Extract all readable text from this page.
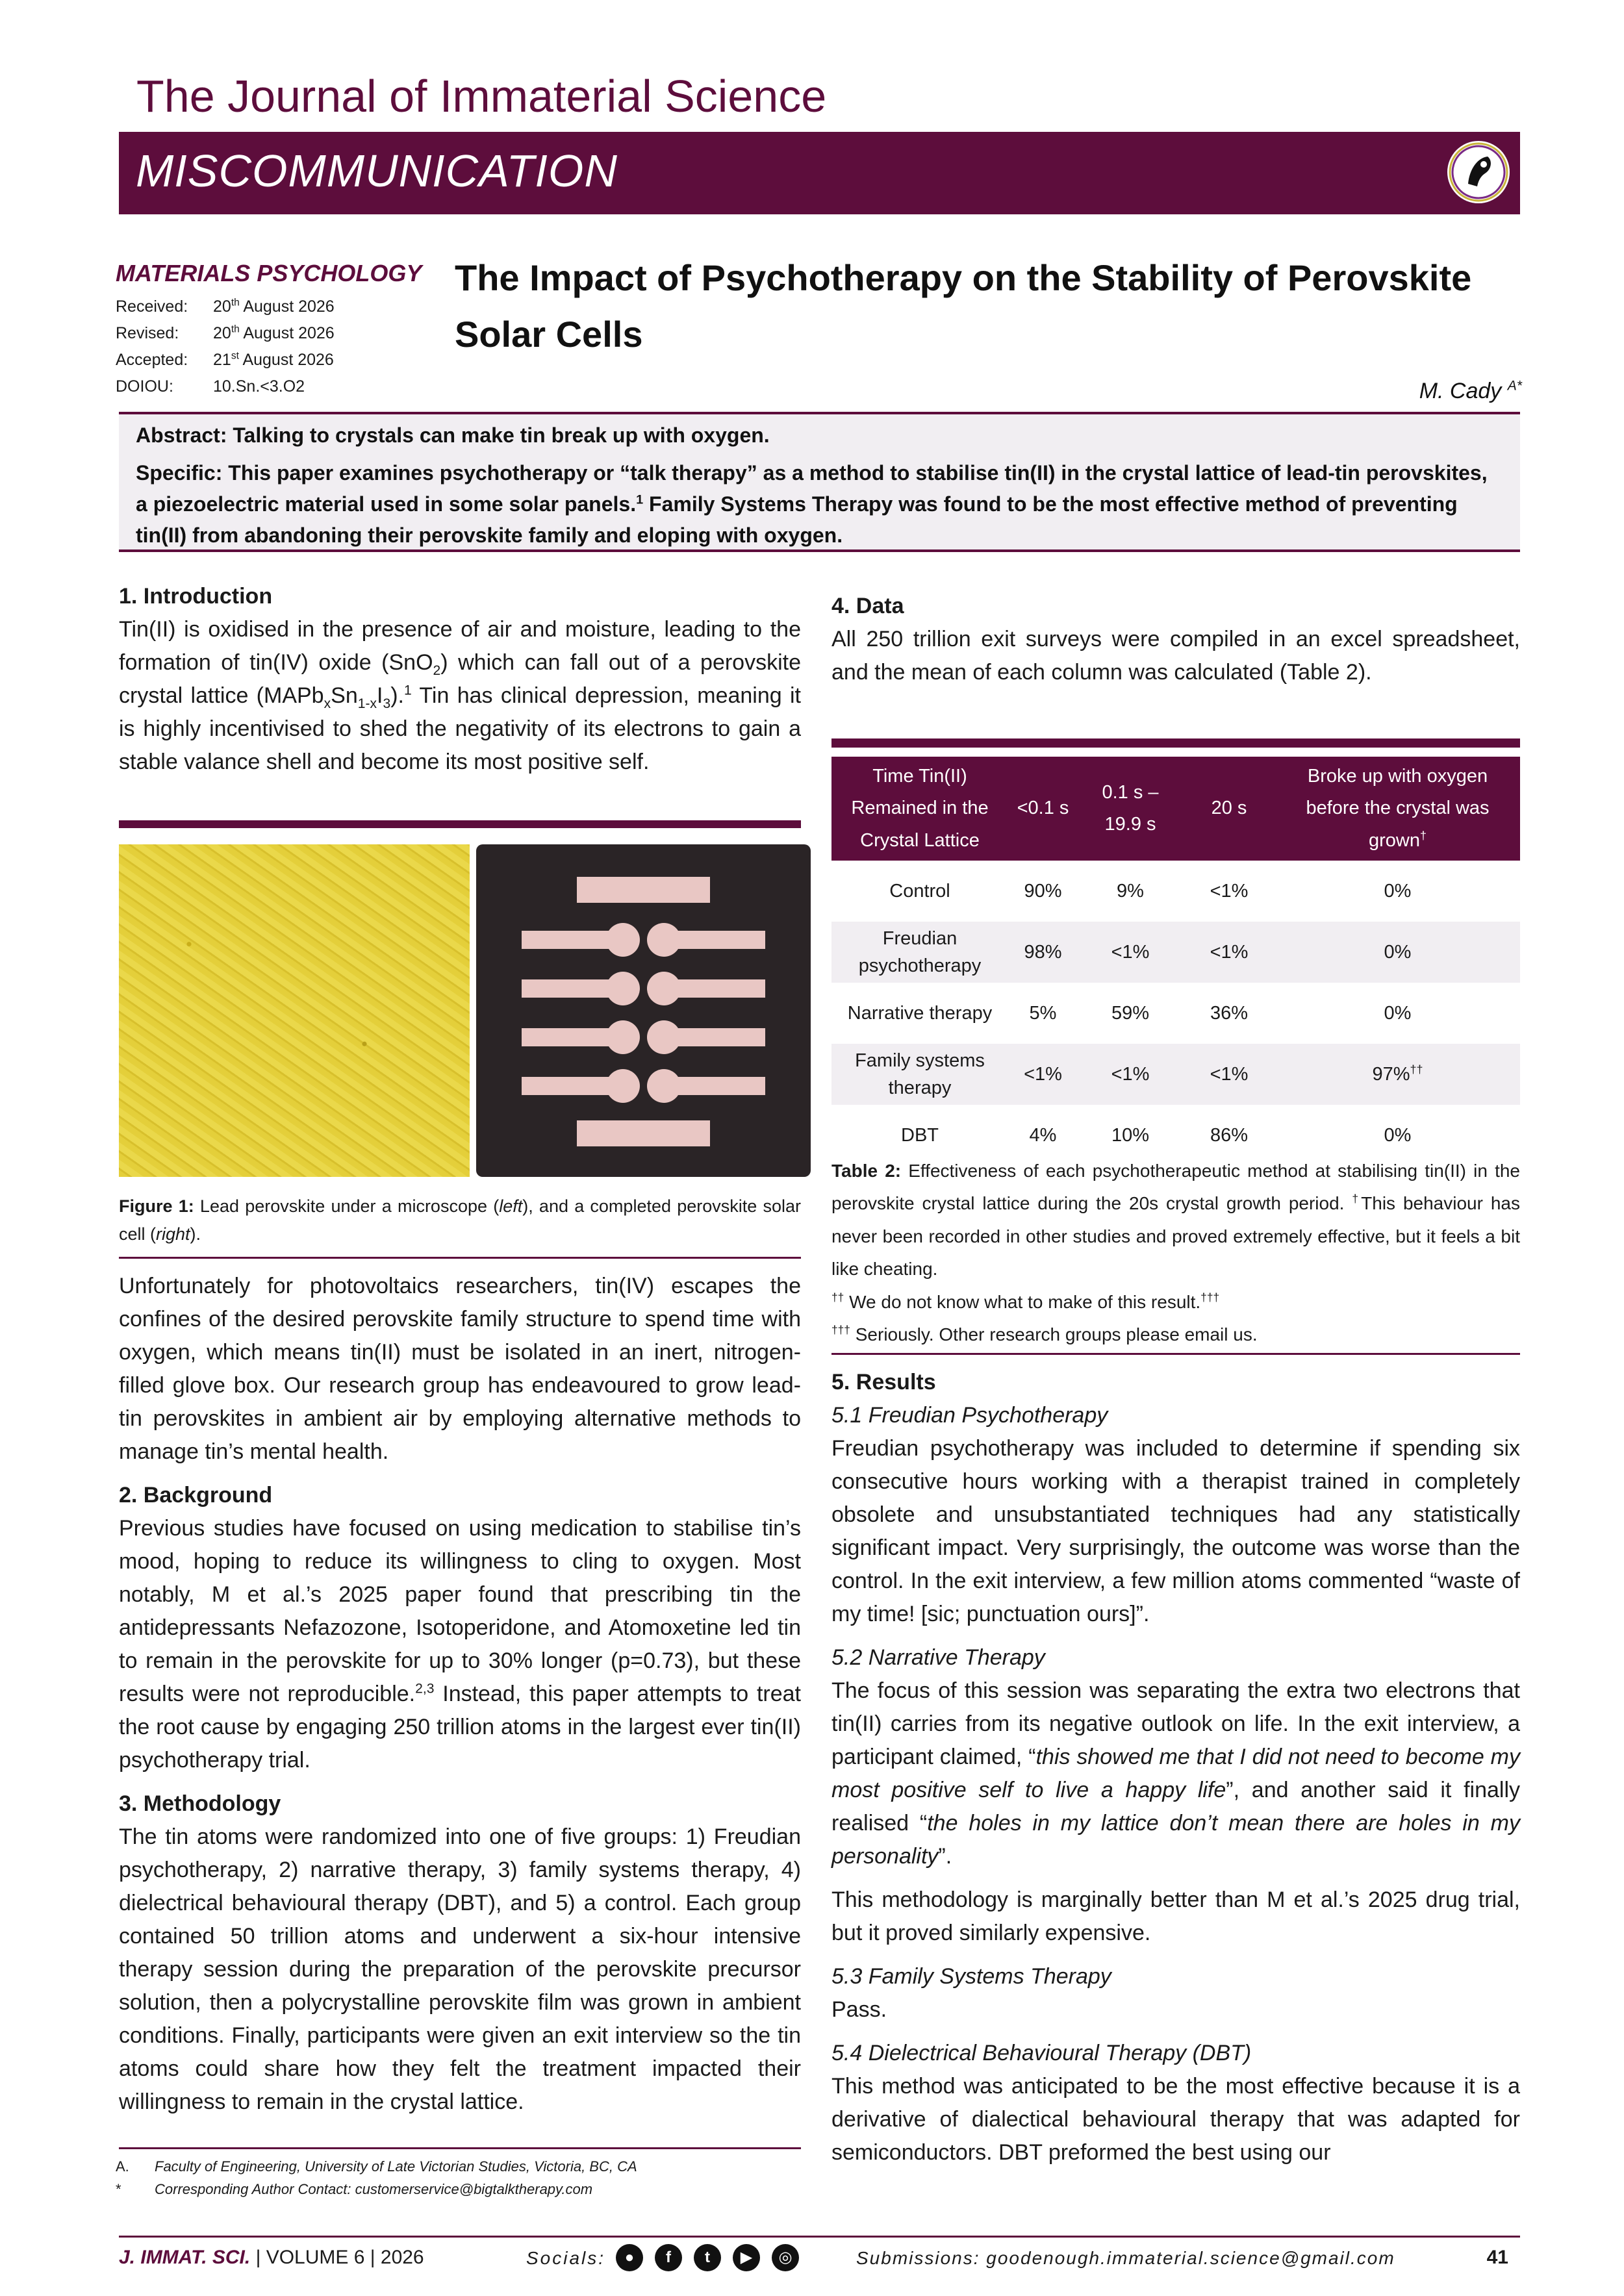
The Journal of Immaterial Science
MISCOMMUNICATION
MATERIALS PSYCHOLOGY
Received: 20th August 2026
Revised: 20th August 2026
Accepted: 21st August 2026
DOIOU: 10.Sn.<3.O2
The Impact of Psychotherapy on the Stability of Perovskite
Solar Cells
M. Cady $^{A*}$
Abstract: Talking to crystals can make tin break up with oxygen.
Specific: This paper examines psychotherapy or “talk therapy” as a method to stabilise tin(II) in the crystal lattice of lead-tin perovskites, a piezoelectric material used in some solar panels.$^1$ Family Systems Therapy was found to be the most effective method of preventing tin(II) from abandoning their perovskite family and eloping with oxygen.
1. Introduction

Tin(II) is oxidised in the presence of air and moisture, leading to the formation of tin(IV) oxide (SnO$_2$) which can fall out of a perovskite crystal lattice $(MAPb_xSn_{1-x}I_3).^1$ Tin has clinical depression, meaning it is highly incentivised to shed the negativity of its electrons to gain a stable valance shell and become its most positive self.

Figure 1: Lead perovskite under a microscope (left), and a completed perovskite solar cell (right).

Unfortunately for photovoltaics researchers, tin(IV) escapes the confines of the desired perovskite family structure to spend time with oxygen, which means tin(II) must be isolated in an inert, nitrogen-filled glove box. Our research group has endeavoured to grow lead-tin perovskites in ambient air by employing alternative methods to manage tin’s mental health.

2. Background

Previous studies have focused on using medication to stabilise tin’s mood, hoping to reduce its willingness to cling to oxygen. Most notably, M et al.’s 2025 paper found that prescribing tin the antidepressants Nefazozone, Isotoperidone, and Atomoxetine led tin to remain in the perovskite for up to 30% longer (p=0.73), but these results were not reproducible.$^{2,3}$ Instead, this paper attempts to treat the root cause by engaging 250 trillion atoms in the largest ever tin(II) psychotherapy trial.

3. Methodology

The tin atoms were randomized into one of five groups: 1) Freudian psychotherapy, 2) narrative therapy, 3) family systems therapy, 4) dielectrical behavioural therapy (DBT), and 5) a control. Each group contained 50 trillion atoms and underwent a six-hour intensive therapy session during the preparation of the perovskite precursor solution, then a polycrystalline perovskite film was grown in ambient conditions. Finally, participants were given an exit interview so the tin atoms could share how they felt the treatment impacted their willingness to remain in the crystal lattice.

A. Faculty of Engineering, University of Late Victorian Studies, Victoria, BC, CA
* Corresponding Author Contact: customerservice@bigtalktherapy.com
4. Data

All 250 trillion exit surveys were compiled in an excel spreadsheet, and the mean of each column was calculated (Table 2).

Time Tin(II) Remained in the Crystal Lattice	<0.1 s	0.1 s – 19.9 s	20 s	Broke up with oxygen before the crystal was grown†
Control	90%	9%	<1%	0%
Freudian psychotherapy	98%	<1%	<1%	0%
Narrative therapy	5%	59%	36%	0%
Family systems therapy	<1%	<1%	<1%	97%††
DBT	4%	10%	86%	0%
Table 2: Effectiveness of each psychotherapeutic method at stabilising tin(II) in the perovskite crystal lattice during the 20s crystal growth period. †This behaviour has never been recorded in other studies and proved extremely effective, but it feels a bit like cheating.
†† We do not know what to make of this result.†††
††† Seriously. Other research groups please email us.
5. Results
5.1 Freudian Psychotherapy

Freudian psychotherapy was included to determine if spending six consecutive hours working with a therapist trained in completely obsolete and unsubstantiated techniques had any statistically significant impact. Very surprisingly, the outcome was worse than the control. In the exit interview, a few million atoms commented “waste of my time! [sic; punctuation ours]”.

5.2 Narrative Therapy

The focus of this session was separating the extra two electrons that tin(II) carries from its negative outlook on life. In the exit interview, a participant claimed, “this showed me that I did not need to become my most positive self to live a happy life”, and another said it finally realised “the holes in my lattice don’t mean there are holes in my personality”.

This methodology is marginally better than M et al.’s 2025 drug trial, but it proved similarly expensive.

5.3 Family Systems Therapy

Pass.

5.4 Dielectrical Behavioural Therapy (DBT)

This method was anticipated to be the most effective because it is a derivative of dialectical behavioural therapy that was adapted for semiconductors. DBT preformed the best using our

J. IMMAT. SCI. | VOLUME 6 | 2026	Socials:	●	f	t	▶	◎	Submissions: goodenough.immaterial.science@gmail.com	41
